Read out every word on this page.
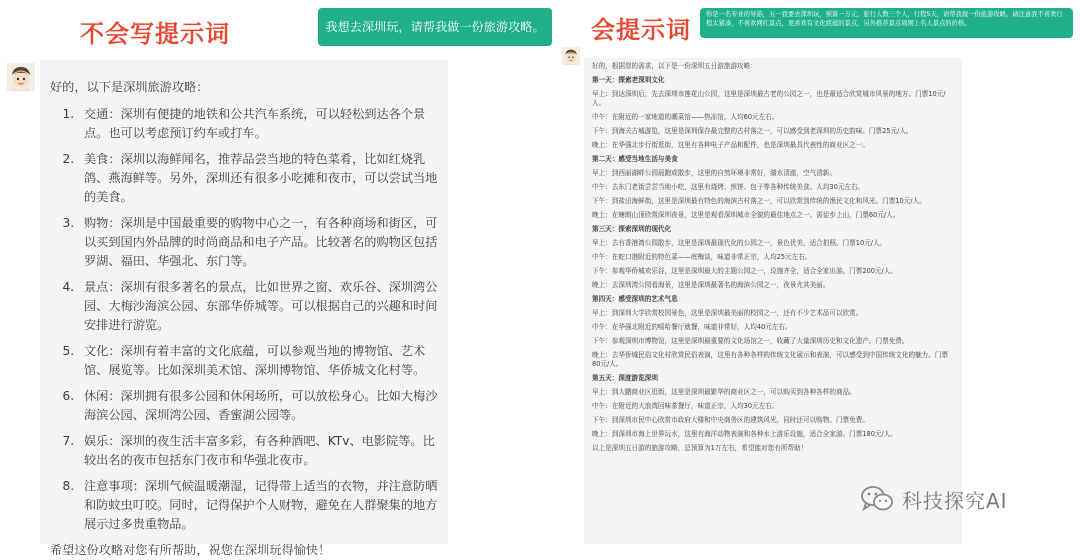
不会写提示词	我想去深圳玩，请帮我做一份旅游攻略。
好的，以下是深圳旅游攻略：
1. 交通：深圳有便捷的地铁和公共汽车系统，可以轻松到达各个景点。也可以考虑预订约车或打车。
2. 美食：深圳以海鲜闻名，推荐品尝当地的特色菜肴，比如红烧乳鸽、燕海鲜等。另外，深圳还有很多小吃摊和夜市，可以尝试当地的美食。
3. 购物：深圳是中国最重要的购物中心之一，有各种商场和街区，可以买到国内外品牌的时尚商品和电子产品。比较著名的购物区包括罗湖、福田、华强北、东门等。
4. 景点：深圳有很多著名的景点，比如世界之窗、欢乐谷、深圳湾公园、大梅沙海滨公园、东部华侨城等。可以根据自己的兴趣和时间安排进行游览。
5. 文化：深圳有着丰富的文化底蕴，可以参观当地的博物馆、艺术馆、展览等。比如深圳美术馆、深圳博物馆、华侨城文化村等。
6. 休闲：深圳拥有很多公园和休闲场所，可以放松身心。比如大梅沙海滨公园、深圳湾公园、香蜜湖公园等。
7. 娱乐：深圳的夜生活丰富多彩，有各种酒吧、KTv、电影院等。比较出名的夜市包括东门夜市和华强北夜市。
8. 注意事项：深圳气候温暖潮湿，记得带上适当的衣物，并注意防晒和防蚊虫叮咬。同时，记得保护个人财物，避免在人群聚集的地方展示过多贵重物品。
希望这份攻略对您有所帮助，祝您在深圳玩得愉快！
会提示词
你是一名专业的导游，五一我要去深圳玩，预算一万元，旅行人数三个人，行程5天，请帮我做一份旅游攻略。请注意我不喜欢行程太紧凑，不喜欢网红景点，更喜欢有文化底蕴的景点，另外推荐景点周围上名人景点的价格。
好的，根据您的需求，以下是一份深圳五日游旅游攻略：
第一天：探索老深圳文化
早上：到达深圳后，先去深圳市莲花山公园，这里是深圳最古老的公园之一，也是最适合欣赏城市风景的地方。门票10元/人。
中午：在附近的一家地道的潮菜馆——热冻馆，人均60元左右。
下午：到海关古城游览，这里是深圳保存最完整的古村落之一，可以感受到老深圳的历史韵味。门票25元/人。
晚上：在华强北步行街逛街，这里有各种电子产品和配件，也是深圳最具代表性的商业区之一。
第二天：感受当地生活与美食
早上：到西丽湖畔公园晨跑或散步，这里的自然环境非常好，湖水清澈，空气清新。
中午：去东门老街尝尝当地小吃，这里有烧烤、煎饼、包子等各种传统美食。人均30元左右。
下午：到盐田海鲜街，这里是深圳最有特色的海滨古村落之一，可以欣赏到传统的渔民文化和风光。门票10元/人。
晚上：在塘朗山顶欣赏深圳夜景，这里是观看深圳城市全貌的最佳地点之一。需徒步上山，门票60元/人。
第三天：探索深圳的现代化
早上：去有香港湾公园散步，这里是深圳最现代化的公园之一，景色优美，适合拍照。门票10元/人。
中午：在蛇口港附近的特色菜——庭梅谈，味道非常正宗，人均25元左右。
下午：参观华侨城欢乐谷，这里是深圳最大的主题公园之一，设施齐全，适合全家出游。门票200元/人。
晚上：去深圳湾公园看海景，这里是深圳最著名的海滨公园之一，夜景尤其美丽。
第四天：感受深圳的艺术气息
早上：到深圳大学欣赏校园景色，这里是深圳最美丽的校园之一，还有不少艺术品可以欣赏。
中午：在华强北附近的嘻哈餐厅就餐，味道非常好，人均40元左右。
下午：参观深圳市博物馆，这里是深圳最重要的文化场馆之一，收藏了大量深圳历史和文化遗产。门票免费。
晚上：去华侨城民俗文化村欣赏民俗表演，这里有各种各样的传统文化展示和表演，可以感受到中国传统文化的魅力。门票80元/人。
第五天：深度游览深圳
早上：到大鹏商业区逛街，这里是深圳最繁华的商业区之一，可以购买到各种各样的商品。
中午：在附近的大浪湾回味茶餐厅，味道正宗，人均30元左右。
下午：到深圳市民中心欣赏市政府大楼和中央商务区的建筑风光，同时还可以购物。门票免费。
晚上：到深圳市海上世界玩水，这里有海洋动物表演和各种水上游乐设施，适合全家游。门票180元/人。
以上是深圳五日游的旅游攻略，总预算为1万左右，希望能对您有所帮助！
科技探究AI
